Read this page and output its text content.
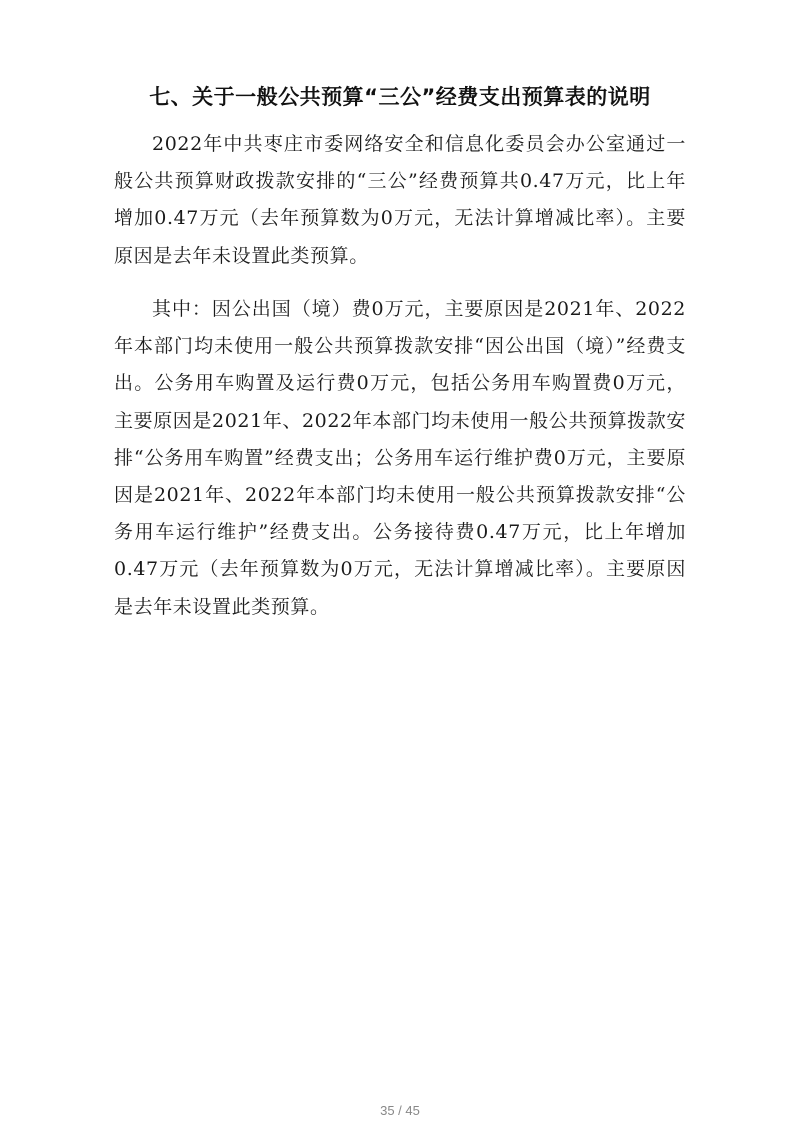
七、关于一般公共预算“三公”经费支出预算表的说明

2022年中共枣庄市委网络安全和信息化委员会办公室通过一般公共预算财政拨款安排的“三公”经费预算共0.47万元，比上年增加0.47万元（去年预算数为0万元，无法计算增减比率）。主要原因是去年未设置此类预算。

其中：因公出国（境）费0万元，主要原因是2021年、2022年本部门均未使用一般公共预算拨款安排“因公出国（境）”经费支出。公务用车购置及运行费0万元，包括公务用车购置费0万元，主要原因是2021年、2022年本部门均未使用一般公共预算拨款安排“公务用车购置”经费支出；公务用车运行维护费0万元，主要原因是2021年、2022年本部门均未使用一般公共预算拨款安排“公务用车运行维护”经费支出。公务接待费0.47万元，比上年增加0.47万元（去年预算数为0万元，无法计算增减比率）。主要原因是去年未设置此类预算。

35 / 45
